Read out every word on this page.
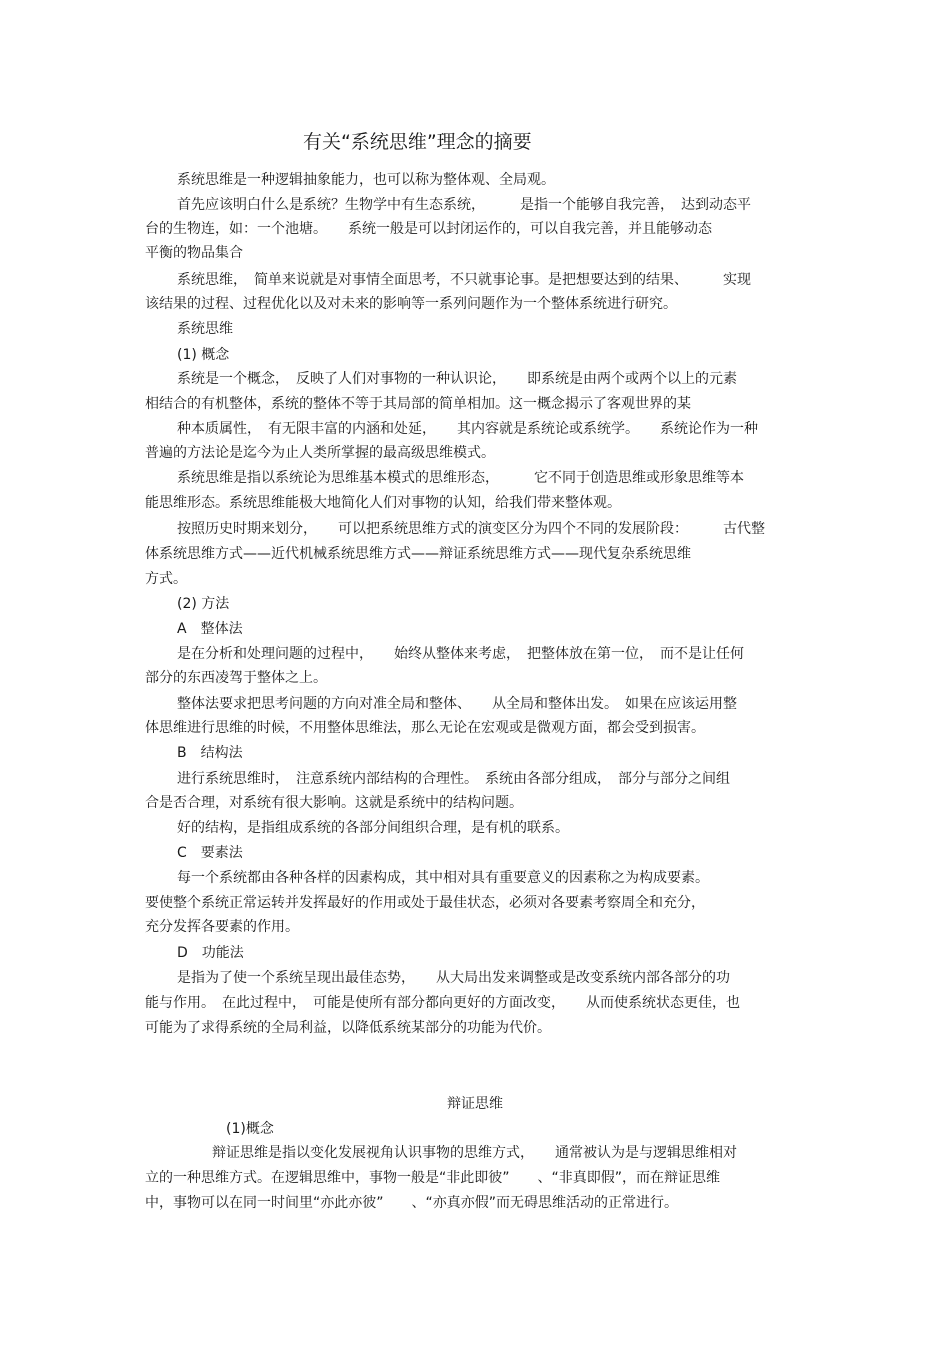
有关“系统思维”理念的摘要
系统思维是一种逻辑抽象能力，也可以称为整体观、全局观。
首先应该明白什么是系统？生物学中有生态系统，　　　是指一个能够自我完善，　达到动态平
台的生物连，如：一个池塘。　　系统一般是可以封闭运作的，可以自我完善，并且能够动态
平衡的物品集合
系统思维，　简单来说就是对事情全面思考，不只就事论事。是把想要达到的结果、　　　实现
该结果的过程、过程优化以及对未来的影响等一系列问题作为一个整体系统进行研究。
系统思维
(1) 概念
系统是一个概念，　反映了人们对事物的一种认识论，　　即系统是由两个或两个以上的元素
相结合的有机整体，系统的整体不等于其局部的简单相加。这一概念揭示了客观世界的某
种本质属性，　有无限丰富的内涵和处延，　　其内容就是系统论或系统学。　　系统论作为一种
普遍的方法论是迄今为止人类所掌握的最高级思维模式。
系统思维是指以系统论为思维基本模式的思维形态，　　　它不同于创造思维或形象思维等本
能思维形态。系统思维能极大地简化人们对事物的认知，给我们带来整体观。
按照历史时期来划分，　　可以把系统思维方式的演变区分为四个不同的发展阶段：　　　古代整
体系统思维方式——近代机械系统思维方式——辩证系统思维方式——现代复杂系统思维
方式。
(2) 方法
A　整体法
是在分析和处理问题的过程中，　　始终从整体来考虑，　把整体放在第一位，　而不是让任何
部分的东西凌驾于整体之上。
整体法要求把思考问题的方向对准全局和整体、　　从全局和整体出发。　如果在应该运用整
体思维进行思维的时候，不用整体思维法，那么无论在宏观或是微观方面，都会受到损害。
B　结构法
进行系统思维时，　注意系统内部结构的合理性。　系统由各部分组成，　部分与部分之间组
合是否合理，对系统有很大影响。这就是系统中的结构问题。
好的结构，是指组成系统的各部分间组织合理，是有机的联系。
C　要素法
每一个系统都由各种各样的因素构成，其中相对具有重要意义的因素称之为构成要素。
要使整个系统正常运转并发挥最好的作用或处于最佳状态，必须对各要素考察周全和充分，
充分发挥各要素的作用。
D　功能法
是指为了使一个系统呈现出最佳态势，　　从大局出发来调整或是改变系统内部各部分的功
能与作用。　在此过程中，　可能是使所有部分都向更好的方面改变，　　从而使系统状态更佳，也
可能为了求得系统的全局利益，以降低系统某部分的功能为代价。
辩证思维
(1)概念
辩证思维是指以变化发展视角认识事物的思维方式，　　通常被认为是与逻辑思维相对
立的一种思维方式。在逻辑思维中，事物一般是“非此即彼”　　、“非真即假”，而在辩证思维
中，事物可以在同一时间里“亦此亦彼”　　、“亦真亦假”而无碍思维活动的正常进行。
